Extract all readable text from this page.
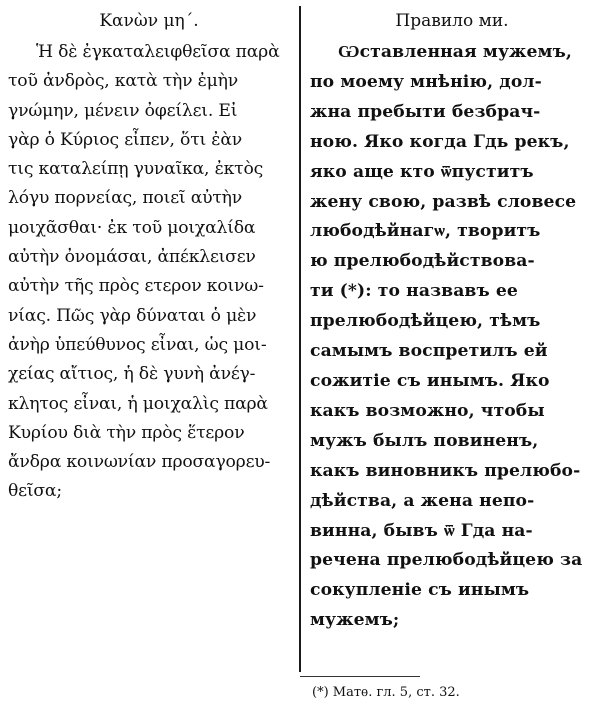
Κανὼν μη΄.
Ἡ δὲ ἐγκαταλειφθεῖσα παρὰ
τοῦ ἀνδρὸς, κατὰ τὴν ἐμὴν
γνώμην, μένειν ὀφείλει. Εἰ
γὰρ ὁ Κύριος εἶπεν, ὅτι ἐὰν
τις καταλείπῃ γυναῖκα, ἐκτὸς
λόγυ πορνείας, ποιεῖ αὐτὴν
μοιχᾶσθαι· ἐκ τοῦ μοιχαλίδα
αὐτὴν ὀνομάσαι, ἀπέκλεισεν
αὐτὴν τῆς πρὸς ετερον κοινω-
νίας. Πῶς γὰρ δύναται ὁ μὲν
ἀνὴρ ὑπεύθυνος εἶναι, ὡς μοι-
χείας αἴτιος, ἡ δὲ γυνὴ ἀνέγ-
κλητος εἶναι, ἡ μοιχαλὶς παρὰ
Κυρίου διὰ τὴν πρὸς ἕτερον
ἄνδρα κοινωνίαν προσαγορευ-
θεῖσα;
Правило ми.
Ѡставленная мужемъ,
по моему мнѣнію, дол-
жна пребыти безбрач-
ною. Яко когда Гдь рекъ,
яко аще кто ѿпуститъ
жену свою, развѣ словесе
любодѣйнагѡ, творитъ
ю прелюбодѣйствова-
ти (*): то назвавъ ее
прелюбодѣйцею, тѣмъ
самымъ воспретилъ ей
сожитіе съ инымъ. Яко
какъ возможно, чтобы
мужъ былъ повиненъ,
какъ виновникъ прелюбо-
дѣйства, а жена непо-
винна, бывъ ѿ Гда на-
речена прелюбодѣйцею за
сокупленіе съ инымъ
мужемъ;
(*) Матѳ. гл. 5, ст. 32.
